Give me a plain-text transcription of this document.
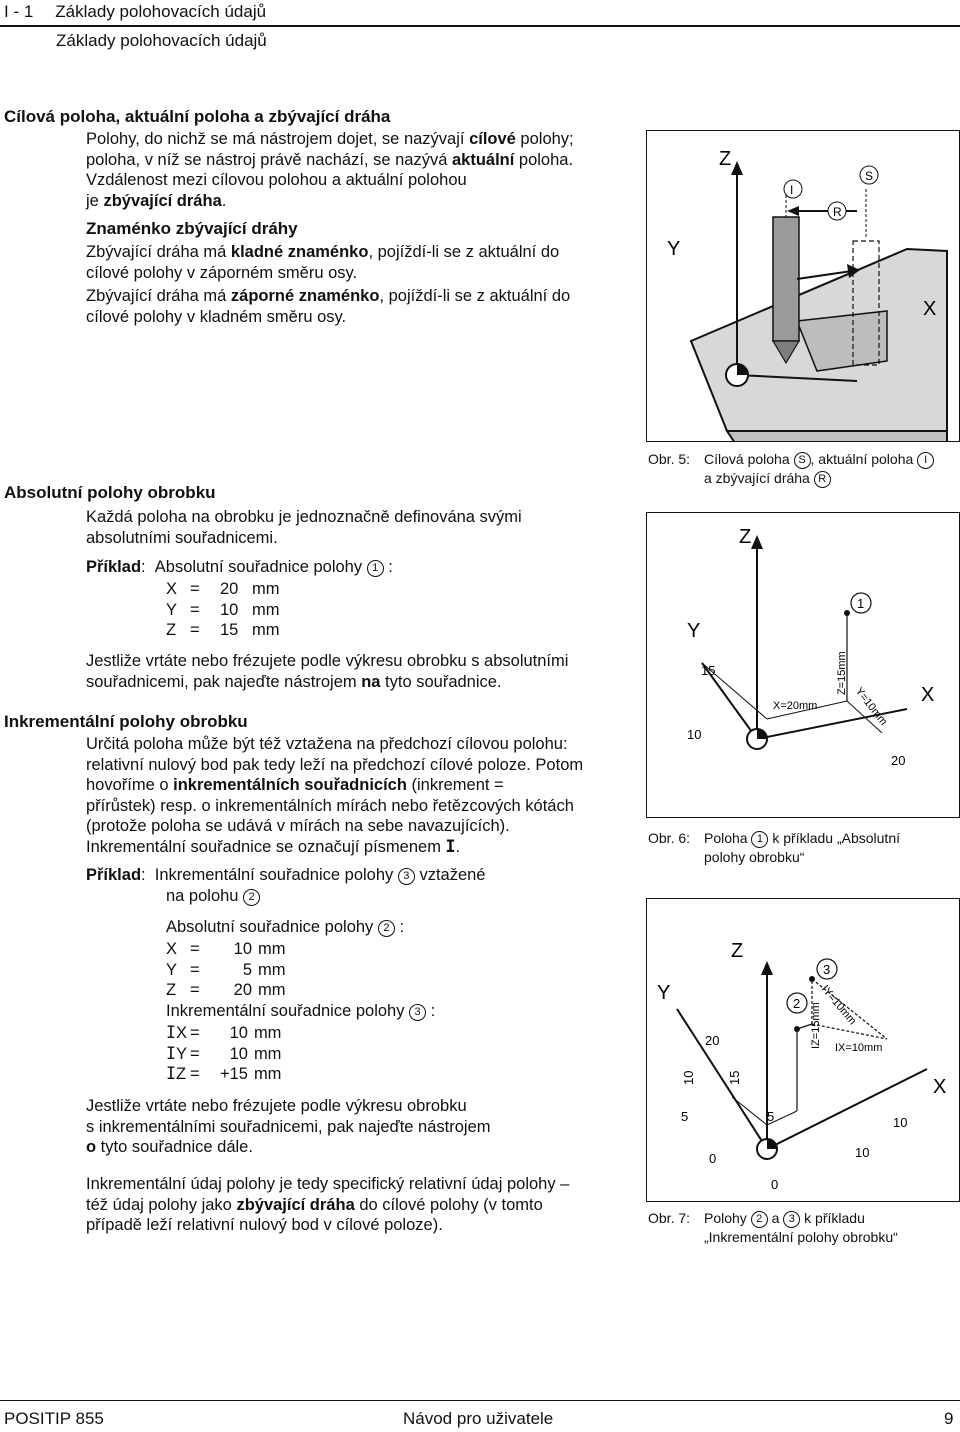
I - 1 Základy polohovacích údajů
Základy polohovacích údajů
Cílová poloha, aktuální poloha a zbývající dráha

Polohy, do nichž se má nástrojem dojet, se nazývají cílové polohy;

poloha, v níž se nástroj právě nachází, se nazývá aktuální poloha.

Vzdálenost mezi cílovou polohou a aktuální polohou

je zbývající dráha.

Znaménko zbývající dráhy

Zbývající dráha má kladné znaménko, pojíždí-li se z aktuální do

cílové polohy v záporném směru osy.

Zbývající dráha má záporné znaménko, pojíždí-li se z aktuální do

cílové polohy v kladném směru osy.

Z
Y
X
I
S
R
Obr. 5: Cílová poloha S , aktuální poloha I
a zbývající dráha R
Absolutní polohy obrobku

Každá poloha na obrobku je jednoznačně definována svými

absolutními souřadnicemi.

Příklad: Absolutní souřadnice polohy 1 :

X =	20 mm
Y =	10 mm
Z =	15 mm

Jestliže vrtáte nebo frézujete podle výkresu obrobku s absolutními

souřadnicemi, pak najeďte nástrojem na tyto souřadnice.

Z
Y
X
1
15
10
20
X=20mm
Z=15mm
Y=10mm
Obr. 6: Poloha 1 k příkladu „Absolutní
polohy obrobku“
Inkrementální polohy obrobku

Určitá poloha může být též vztažena na předchozí cílovou polohu:

relativní nulový bod pak tedy leží na předchozí cílové poloze. Potom

hovoříme o inkrementálních souřadnicích (inkrement =

přírůstek) resp. o inkrementálních mírách nebo řetězcových kótách

(protože poloha se udává v mírách na sebe navazujících).

Inkrementální souřadnice se označují písmenem I.

Příklad: Inkrementální souřadnice polohy 3 vztažené

na polohu 2

Absolutní souřadnice polohy 2 :

X =	10 mm
Y =	5 mm
Z =	20 mm

Inkrementální souřadnice polohy 3 :

I X =	10 mm
I Y =	10 mm
I Z =	+15 mm

Jestliže vrtáte nebo frézujete podle výkresu obrobku

s inkrementálními souřadnicemi, pak najeďte nástrojem

o tyto souřadnice dále.

Inkrementální údaj polohy je tedy specifický relativní údaj polohy –

též údaj polohy jako zbývající dráha do cílové polohy (v tomto

případě leží relativní nulový bod v cílové poloze).

Z
Y
X
2
3
20
10 15
5	5
0
10
10
0
IY=10mm
IZ=15mm IX=10mm
Obr. 7: Polohy 2 a 3 k příkladu
„Inkrementální polohy obrobku“
POSITIP 855	Návod pro uživatele	9
